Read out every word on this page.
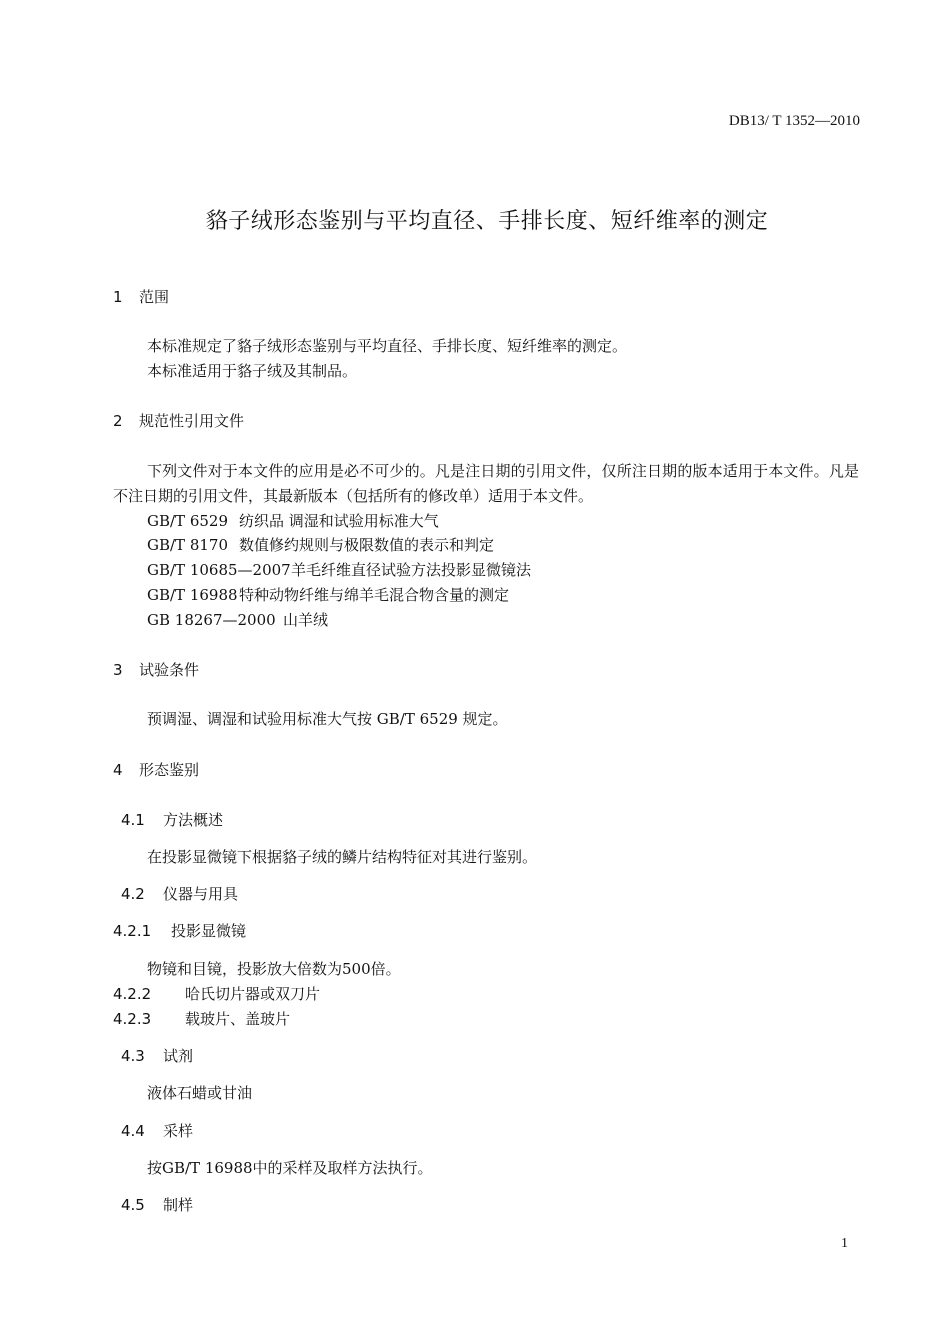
DB13/ T 1352—2010
貉子绒形态鉴别与平均直径、手排长度、短纤维率的测定
1 范围
本标准规定了貉子绒形态鉴别与平均直径、手排长度、短纤维率的测定。
本标准适用于貉子绒及其制品。
2 规范性引用文件
下列文件对于本文件的应用是必不可少的。凡是注日期的引用文件，仅所注日期的版本适用于本文件。凡是不注日期的引用文件，其最新版本（包括所有的修改单）适用于本文件。
GB/T 6529 纺织品 调湿和试验用标准大气
GB/T 8170 数值修约规则与极限数值的表示和判定
GB/T 10685—2007羊毛纤维直径试验方法投影显微镜法
GB/T 16988特种动物纤维与绵羊毛混合物含量的测定
GB 18267—2000 山羊绒
3 试验条件
预调湿、调湿和试验用标准大气按 GB/T 6529 规定。
4 形态鉴别
4.1 方法概述
在投影显微镜下根据貉子绒的鳞片结构特征对其进行鉴别。
4.2 仪器与用具
4.2.1 投影显微镜
物镜和目镜，投影放大倍数为500倍。
4.2.2 哈氏切片器或双刀片
4.2.3 载玻片、盖玻片
4.3 试剂
液体石蜡或甘油
4.4 采样
按GB/T 16988中的采样及取样方法执行。
4.5 制样
1
